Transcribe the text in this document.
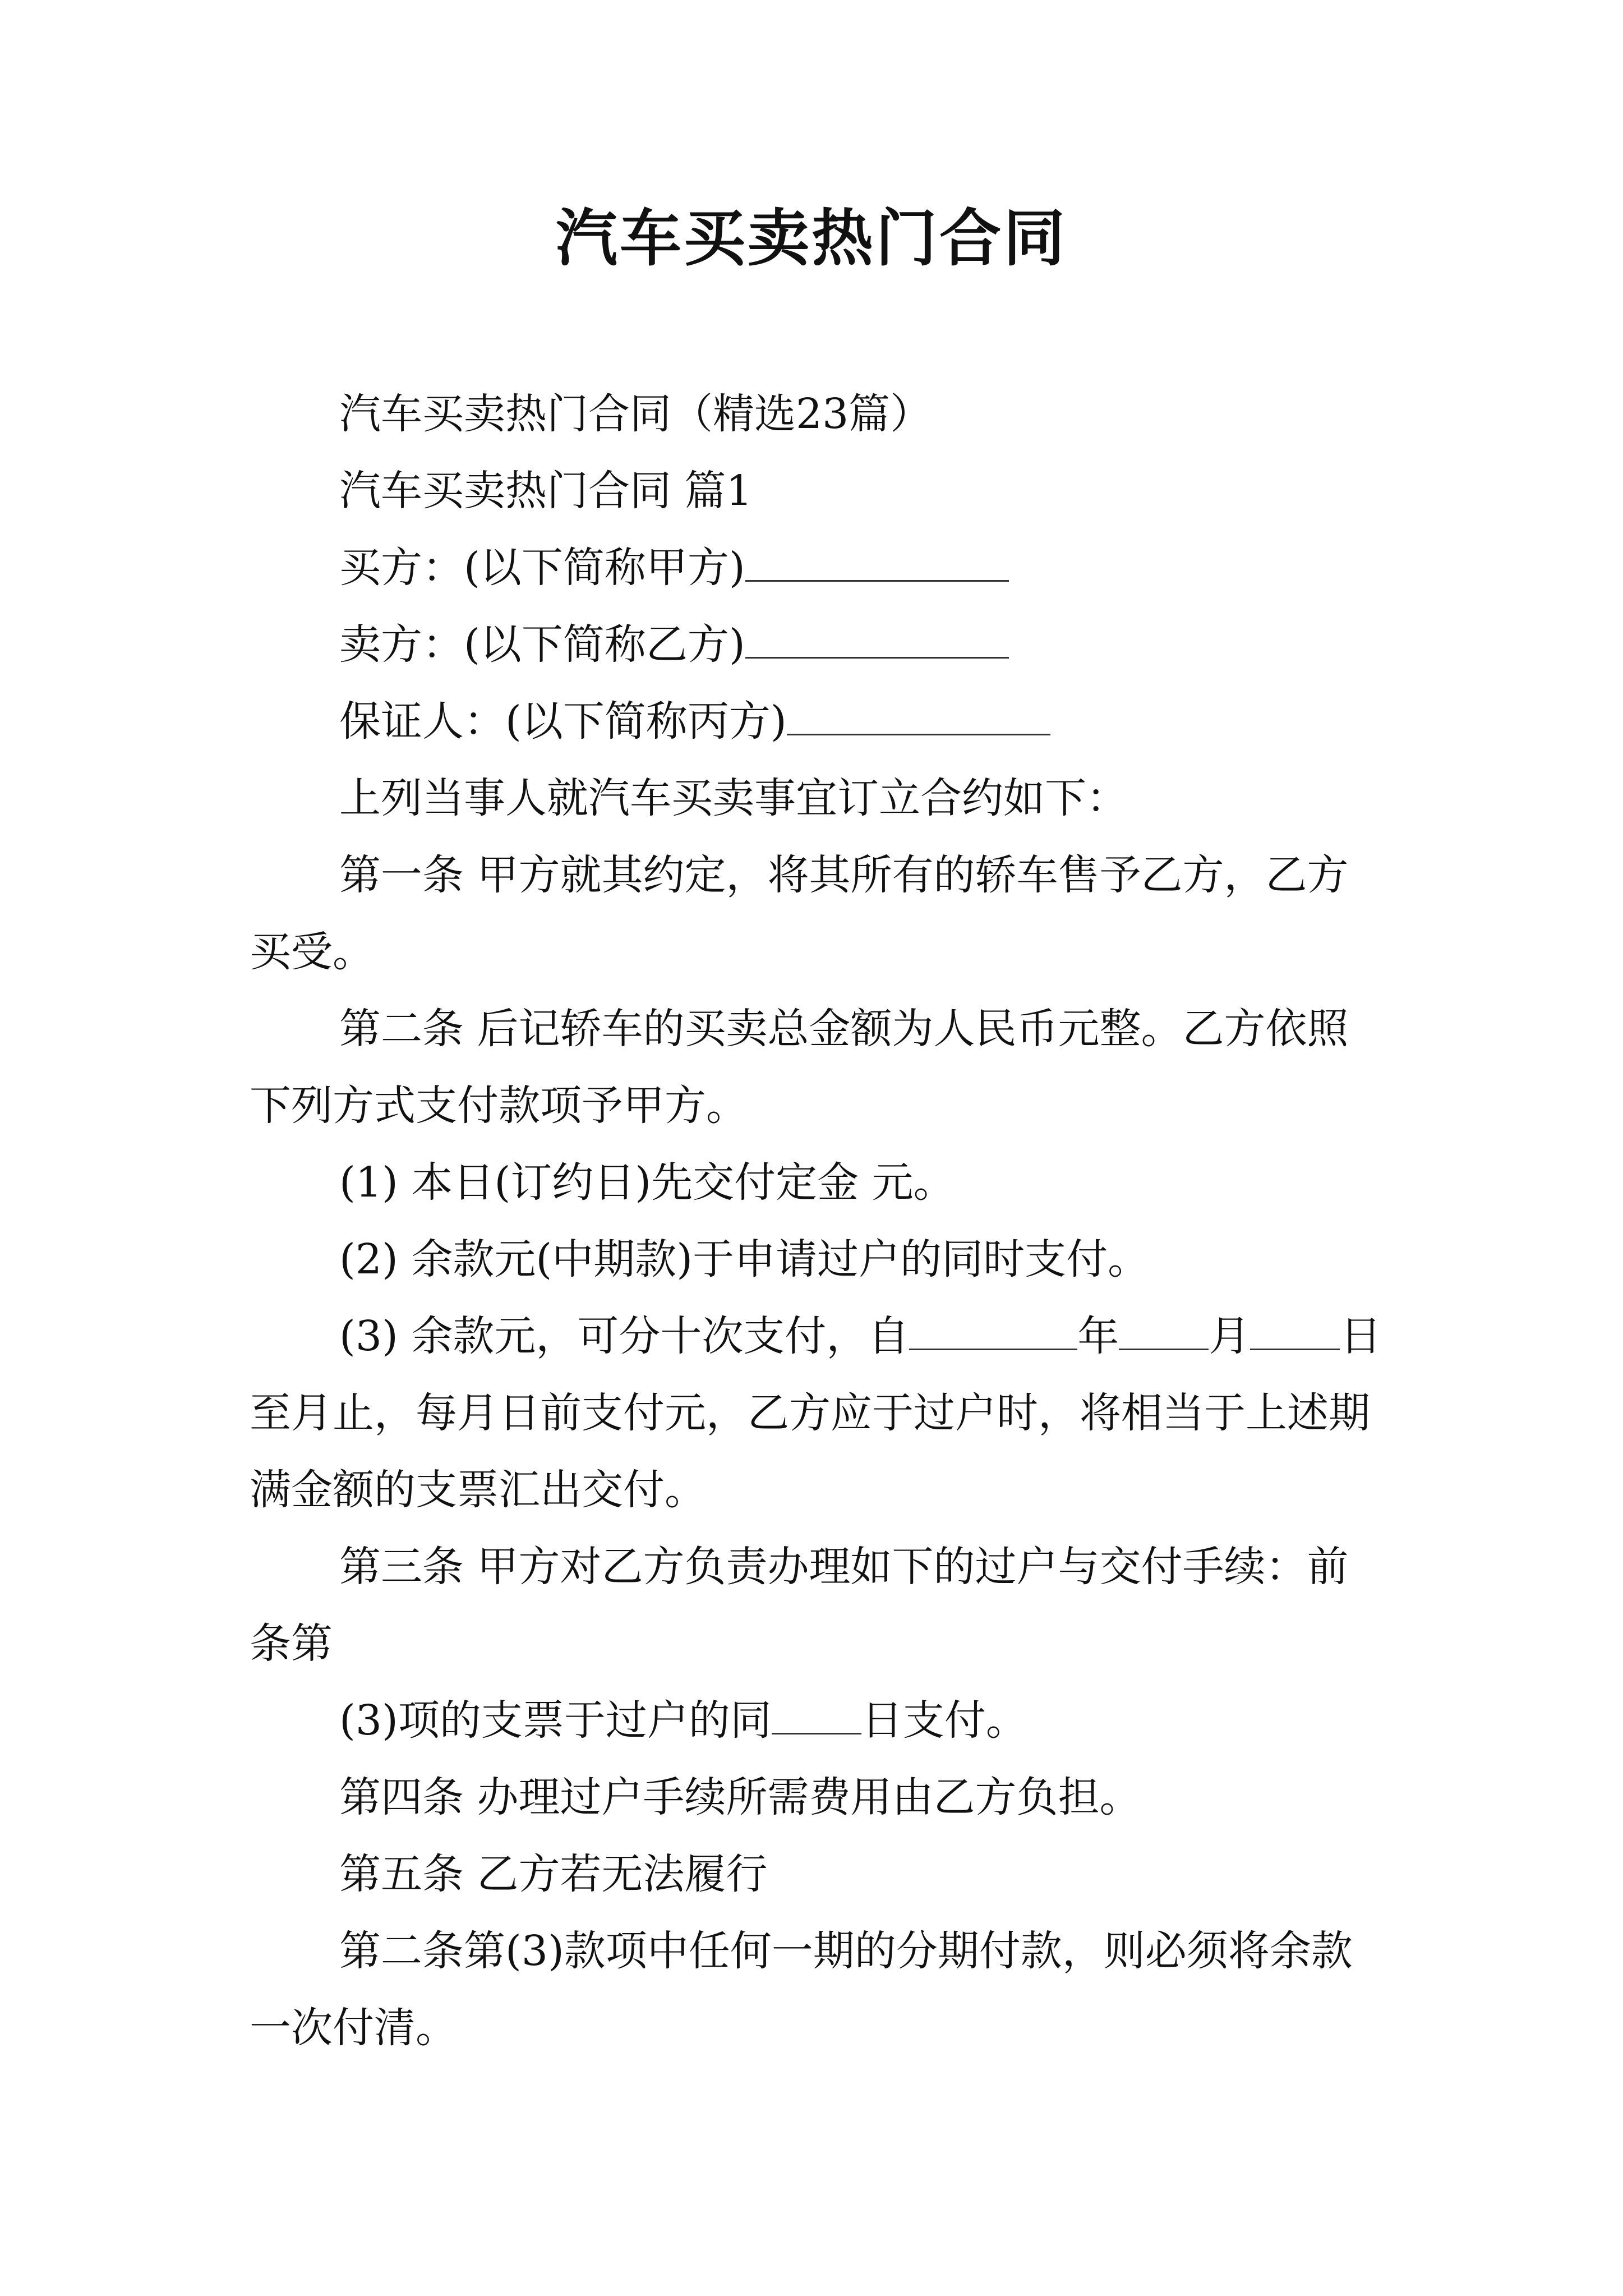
汽车买卖热门合同

汽车买卖热门合同（精选23篇）

汽车买卖热门合同 篇1

买方：(以下简称甲方)

卖方：(以下简称乙方)

保证人：(以下简称丙方)

上列当事人就汽车买卖事宜订立合约如下：

第一条 甲方就其约定，将其所有的轿车售予乙方，乙方买受。

第二条 后记轿车的买卖总金额为人民币元整。乙方依照下列方式支付款项予甲方。

(1) 本日(订约日)先交付定金 元。

(2) 余款元(中期款)于申请过户的同时支付。

(3) 余款元，可分十次支付，自	年 月 日至月止，每月日前支付元，乙方应于过户时，将相当于上述期满金额的支票汇出交付。

第三条 甲方对乙方负责办理如下的过户与交付手续：前条第

(3)项的支票于过户的同 日支付。

第四条 办理过户手续所需费用由乙方负担。

第五条 乙方若无法履行

第二条第(3)款项中任何一期的分期付款，则必须将余款一次付清。
